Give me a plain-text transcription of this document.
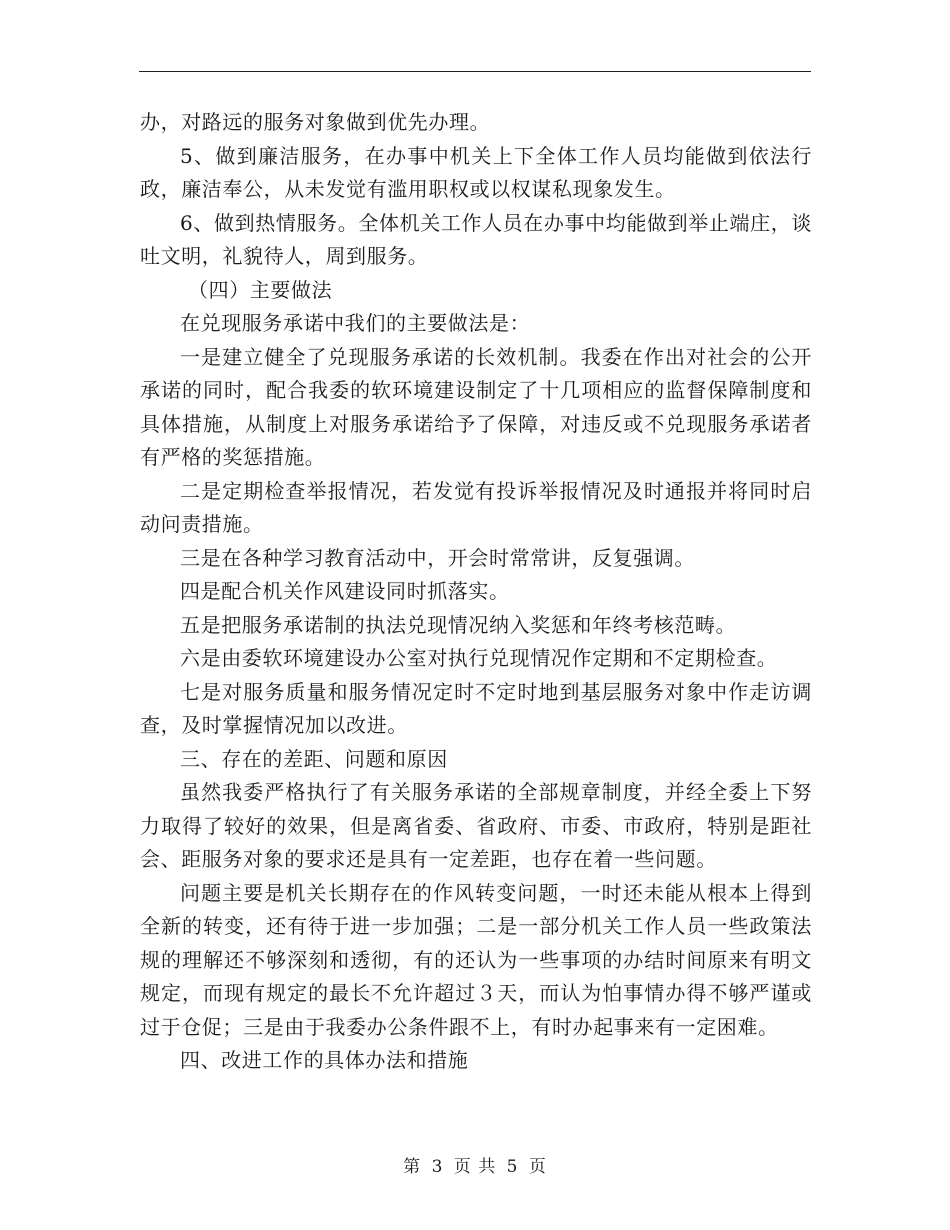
办，对路远的服务对象做到优先办理。

5、做到廉洁服务，在办事中机关上下全体工作人员均能做到依法行政，廉洁奉公，从未发觉有滥用职权或以权谋私现象发生。

6、做到热情服务。全体机关工作人员在办事中均能做到举止端庄，谈吐文明，礼貌待人，周到服务。

（四）主要做法

在兑现服务承诺中我们的主要做法是：

一是建立健全了兑现服务承诺的长效机制。我委在作出对社会的公开承诺的同时，配合我委的软环境建设制定了十几项相应的监督保障制度和具体措施，从制度上对服务承诺给予了保障，对违反或不兑现服务承诺者有严格的奖惩措施。

二是定期检查举报情况，若发觉有投诉举报情况及时通报并将同时启动问责措施。

三是在各种学习教育活动中，开会时常常讲，反复强调。

四是配合机关作风建设同时抓落实。

五是把服务承诺制的执法兑现情况纳入奖惩和年终考核范畴。

六是由委软环境建设办公室对执行兑现情况作定期和不定期检查。

七是对服务质量和服务情况定时不定时地到基层服务对象中作走访调查，及时掌握情况加以改进。

三、存在的差距、问题和原因

虽然我委严格执行了有关服务承诺的全部规章制度，并经全委上下努力取得了较好的效果，但是离省委、省政府、市委、市政府，特别是距社会、距服务对象的要求还是具有一定差距，也存在着一些问题。

问题主要是机关长期存在的作风转变问题，一时还未能从根本上得到全新的转变，还有待于进一步加强；二是一部分机关工作人员一些政策法规的理解还不够深刻和透彻，有的还认为一些事项的办结时间原来有明文规定，而现有规定的最长不允许超过３天，而认为怕事情办得不够严谨或过于仓促；三是由于我委办公条件跟不上，有时办起事来有一定困难。

四、改进工作的具体办法和措施

第 3 页 共 5 页
